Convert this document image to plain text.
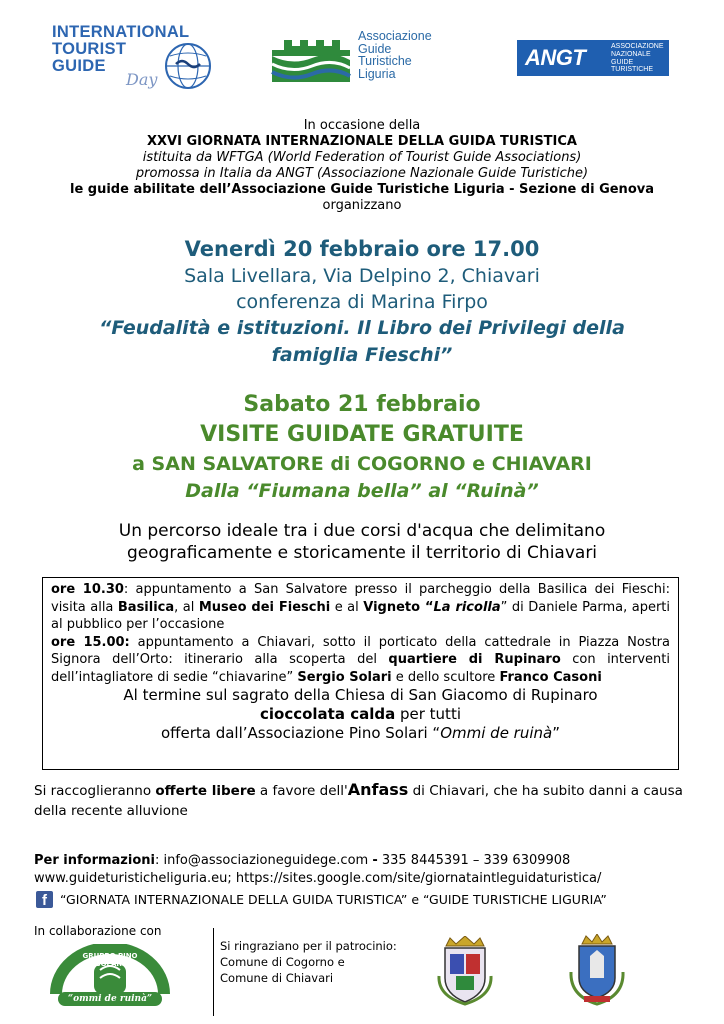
INTERNATIONAL
TOURIST
GUIDE
Day
Associazione
Guide
Turistiche
Liguria
ANGT	ASSOCIAZIONE
NAZIONALE
GUIDE
TURISTICHE
In occasione della
XXVI GIORNATA INTERNAZIONALE DELLA GUIDA TURISTICA
istituita da WFTGA (World Federation of Tourist Guide Associations)
promossa in Italia da ANGT (Associazione Nazionale Guide Turistiche)
le guide abilitate dell’Associazione Guide Turistiche Liguria - Sezione di Genova
organizzano
Venerdì 20 febbraio ore 17.00
Sala Livellara, Via Delpino 2, Chiavari
conferenza di Marina Firpo
“Feudalità e istituzioni. Il Libro dei Privilegi della
famiglia Fieschi”
Sabato 21 febbraio
VISITE GUIDATE GRATUITE
a SAN SALVATORE di COGORNO e CHIAVARI
Dalla “Fiumana bella” al “Ruinà”
Un percorso ideale tra i due corsi d'acqua che delimitano
geograficamente e storicamente il territorio di Chiavari

ore 10.30: appuntamento a San Salvatore presso il parcheggio della Basilica dei Fieschi: visita alla Basilica, al Museo dei Fieschi e al Vigneto “La ricolla” di Daniele Parma, aperti al pubblico per l’occasione

ore 15.00: appuntamento a Chiavari, sotto il porticato della cattedrale in Piazza Nostra Signora dell’Orto: itinerario alla scoperta del quartiere di Rupinaro con interventi dell’intagliatore di sedie “chiavarine” Sergio Solari e dello scultore Franco Casoni

Al termine sul sagrato della Chiesa di San Giacomo di Rupinaro

cioccolata calda per tutti

offerta dall’Associazione Pino Solari “Ommi de ruinà”

Si raccoglieranno offerte libere a favore dell'Anfass di Chiavari, che ha subito danni a causa della recente alluvione
Per informazioni: info@associazioneguidege.com - 335 8445391 – 339 6309908
www.guideturisticheliguria.eu; https://sites.google.com/site/giornataintleguidaturistica/
f	“GIORNATA INTERNAZIONALE DELLA GUIDA TURISTICA” e “GUIDE TURISTICHE LIGURIA”
In collaborazione con
GRUPPO PINO SOLARI
“ommi de ruinà”
Si ringraziano per il patrocinio:
Comune di Cogorno e
Comune di Chiavari
